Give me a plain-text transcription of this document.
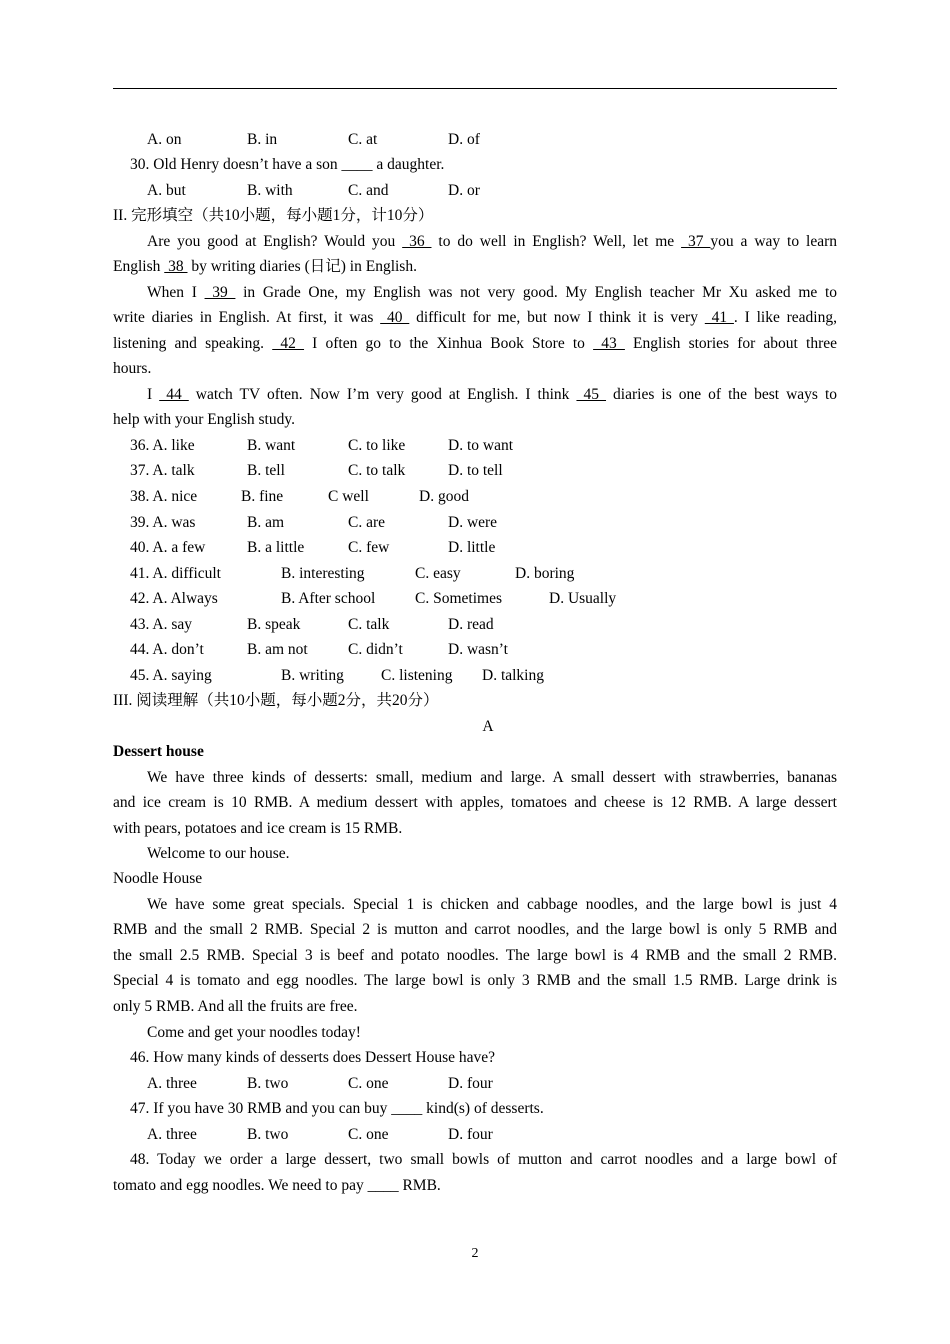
A. on	B. in	C. at	D. of
30. Old Henry doesn’t have a son ____ a daughter.
A. but	B. with	C. and	D. or
II. 完形填空（共10小题，每小题1分，计10分）
Are you good at English? Would you  36  to do well in English? Well, let me  37 you a way to learn
English  38  by writing diaries (日记) in English.
When I  39  in Grade One, my English was not very good. My English teacher Mr Xu asked me to
write diaries in English. At first, it was  40  difficult for me, but now I think it is very  41 . I like reading,
listening and speaking.  42  I often go to the Xinhua Book Store to  43  English stories for about three
hours.
I  44  watch TV often. Now I’m very good at English. I think  45  diaries is one of the best ways to
help with your English study.
36. A. like	B. want	C. to like	D. to want
37. A. talk	B. tell	C. to talk	D. to tell
38. A. nice	B. fine	C well	D. good
39. A. was	B. am	C. are	D. were
40. A. a few	B. a little	C. few	D. little
41. A. difficult	B. interesting	C. easy	D. boring
42. A. Always	B. After school	C. Sometimes	D. Usually
43. A. say	B. speak	C. talk	D. read
44. A. don’t	B. am not	C. didn’t	D. wasn’t
45. A. saying	B. writing C. listening D. talking
III. 阅读理解（共10小题，每小题2分，共20分）
A
Dessert house
We have three kinds of desserts: small, medium and large. A small dessert with strawberries, bananas
and ice cream is 10 RMB. A medium dessert with apples, tomatoes and cheese is 12 RMB. A large dessert
with pears, potatoes and ice cream is 15 RMB.
Welcome to our house.
Noodle House
We have some great specials. Special 1 is chicken and cabbage noodles, and the large bowl is just 4
RMB and the small 2 RMB. Special 2 is mutton and carrot noodles, and the large bowl is only 5 RMB and
the small 2.5 RMB. Special 3 is beef and potato noodles. The large bowl is 4 RMB and the small 2 RMB.
Special 4 is tomato and egg noodles. The large bowl is only 3 RMB and the small 1.5 RMB. Large drink is
only 5 RMB. And all the fruits are free.
Come and get your noodles today!
46. How many kinds of desserts does Dessert House have?
A. three	B. two	C. one	D. four
47. If you have 30 RMB and you can buy ____ kind(s) of desserts.
A. three	B. two	C. one	D. four
48. Today we order a large dessert, two small bowls of mutton and carrot noodles and a large bowl of
tomato and egg noodles. We need to pay ____ RMB.
2
